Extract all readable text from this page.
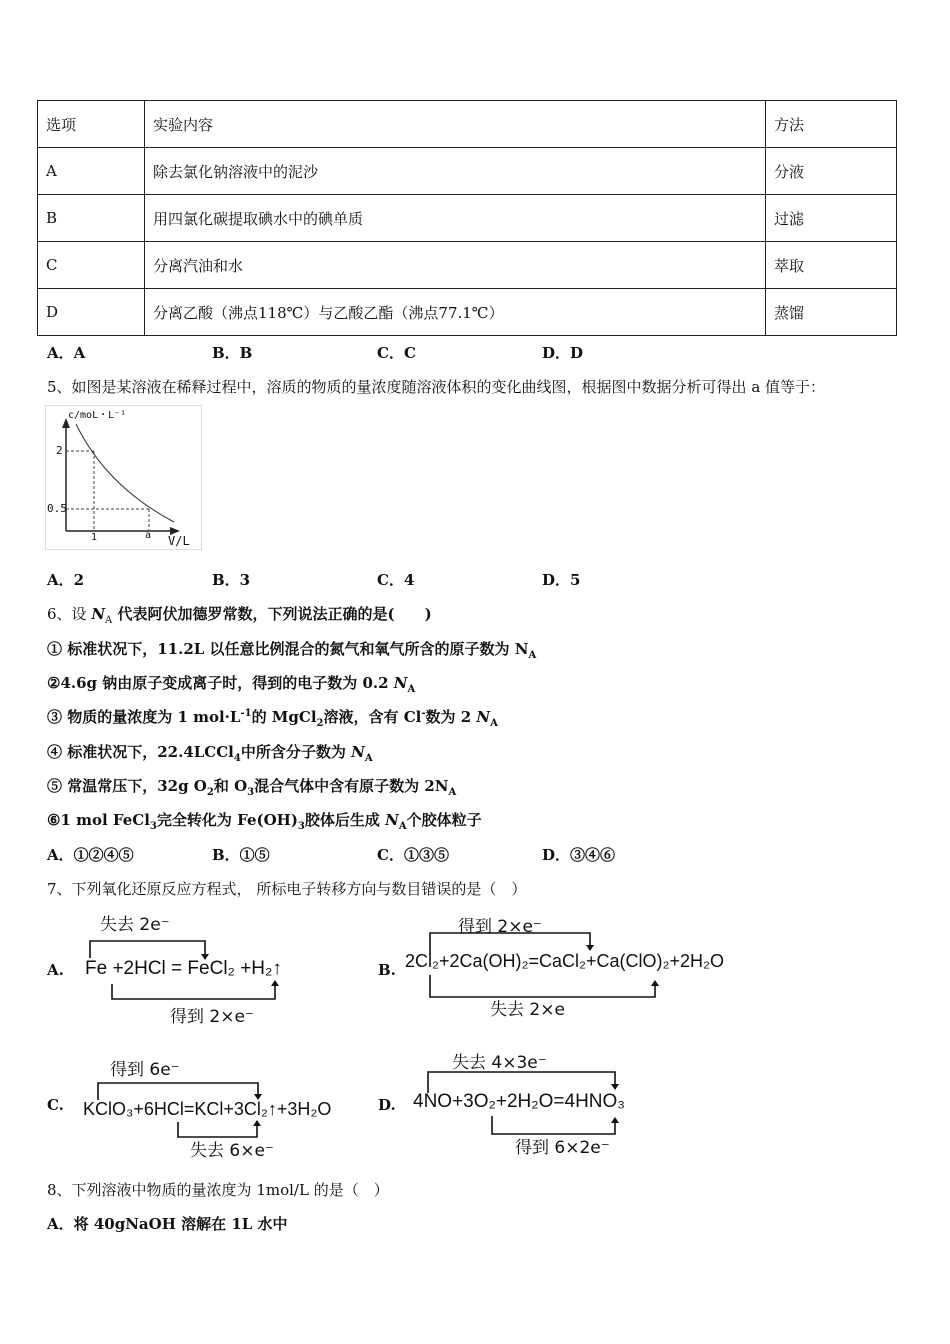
选项	实验内容	方法
A	除去氯化钠溶液中的泥沙	分液
B	用四氯化碳提取碘水中的碘单质	过滤
C	分离汽油和水	萃取
D	分离乙酸（沸点118℃）与乙酸乙酯（沸点77.1℃）	蒸馏
A．A	B．B	C．C	D．D
5、如图是某溶液在稀释过程中，溶质的物质的量浓度随溶液体积的变化曲线图，根据图中数据分析可得出 a 值等于：
c/moL・L⁻¹
2
0.5
1	a V/L
A．2	B．3	C．4	D．5
6、设 $N_A$ 代表阿伏加德罗常数，下列说法正确的是(　　)
① 标准状况下，11.2L 以任意比例混合的氮气和氧气所含的原子数为 $N_A$
②4.6g 钠由原子变成离子时，得到的电子数为 0.2 $N_A$
③ 物质的量浓度为 1 $mol\cdot L^{-1}$的 MgCl$_2$溶液，含有 Cl-数为 2 $N_A$
④ 标准状况下，22.4LCCl$_4$中所含分子数为 $N_A$
⑤ 常温常压下，32g $O_2$和 $O_3$混合气体中含有原子数为 $2N_A$
⑥1 mol FeCl$_3$完全转化为 $Fe(OH)_3$胶体后生成 $N_A$个胶体粒子
A．①②④⑤	B．①⑤	C．①③⑤	D．③④⑥
7、下列氧化还原反应方程式， 所标电子转移方向与数目错误的是（　）
A.
失去 2e⁻
Fe +2HCl = FeCl₂ +H₂↑
得到 2×e⁻
B.
得到 2×e⁻
2Cl₂+2Ca(OH)₂=CaCl₂+Ca(ClO)₂+2H₂O
失去 2×e
C.
得到 6e⁻
KClO₃+6HCl=KCl+3Cl₂↑+3H₂O
失去 6×e⁻
D.
失去 4×3e⁻
4NO+3O₂+2H₂O=4HNO₃
得到 6×2e⁻
8、下列溶液中物质的量浓度为 1mol/L 的是（　）
A．将 40gNaOH 溶解在 1L 水中
